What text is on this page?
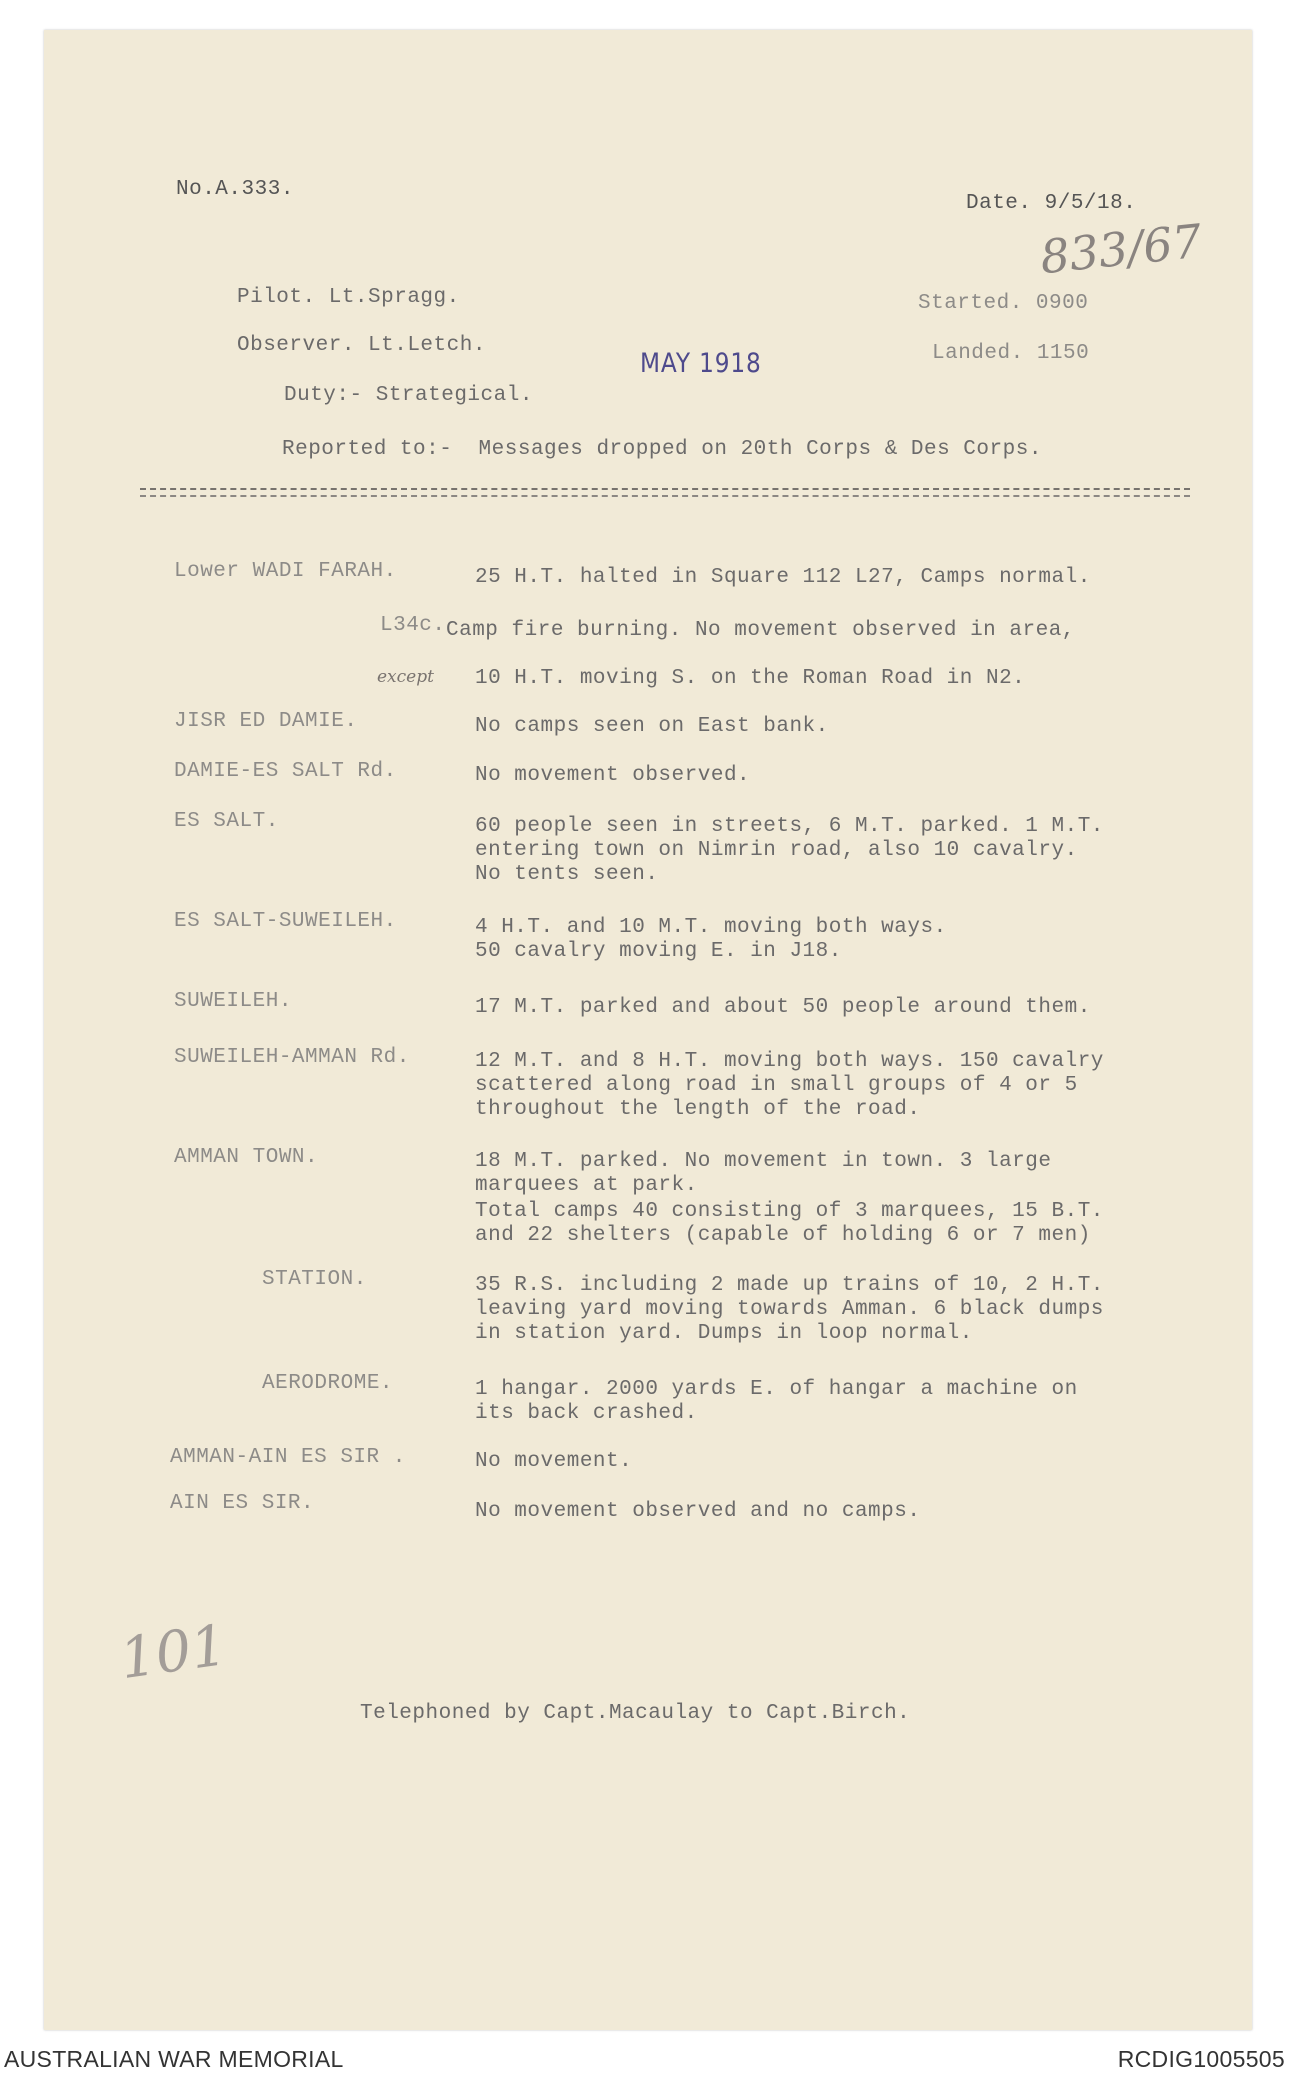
No.A.333.
Date. 9/5/18.
833/67
Pilot. Lt.Spragg.	Started. 0900
Observer. Lt.Letch.
MAY 1918	Landed. 1150
Duty:- Strategical.
Reported to:-  Messages dropped on 20th Corps & Des Corps.
Lower WADI FARAH.	25 H.T. halted in Square 112 L27, Camps normal.
L34c. Camp fire burning. No movement observed in area,
except 10 H.T. moving S. on the Roman Road in N2.
JISR ED DAMIE.	No camps seen on East bank.
DAMIE-ES SALT Rd.	No movement observed.
ES SALT.	60 people seen in streets, 6 M.T. parked. 1 M.T.
entering town on Nimrin road, also 10 cavalry.
No tents seen.
ES SALT-SUWEILEH.	4 H.T. and 10 M.T. moving both ways.
50 cavalry moving E. in J18.
SUWEILEH.	17 M.T. parked and about 50 people around them.
SUWEILEH-AMMAN Rd.	12 M.T. and 8 H.T. moving both ways. 150 cavalry
scattered along road in small groups of 4 or 5
throughout the length of the road.
AMMAN TOWN.	18 M.T. parked. No movement in town. 3 large
marquees at park.
Total camps 40 consisting of 3 marquees, 15 B.T.
and 22 shelters (capable of holding 6 or 7 men)
STATION.	35 R.S. including 2 made up trains of 10, 2 H.T.
leaving yard moving towards Amman. 6 black dumps
in station yard. Dumps in loop normal.
AERODROME.	1 hangar. 2000 yards E. of hangar a machine on
its back crashed.
AMMAN-AIN ES SIR .	No movement.
AIN ES SIR.	No movement observed and no camps.
101
Telephoned by Capt.Macaulay to Capt.Birch.
AUSTRALIAN WAR MEMORIAL	RCDIG1005505
